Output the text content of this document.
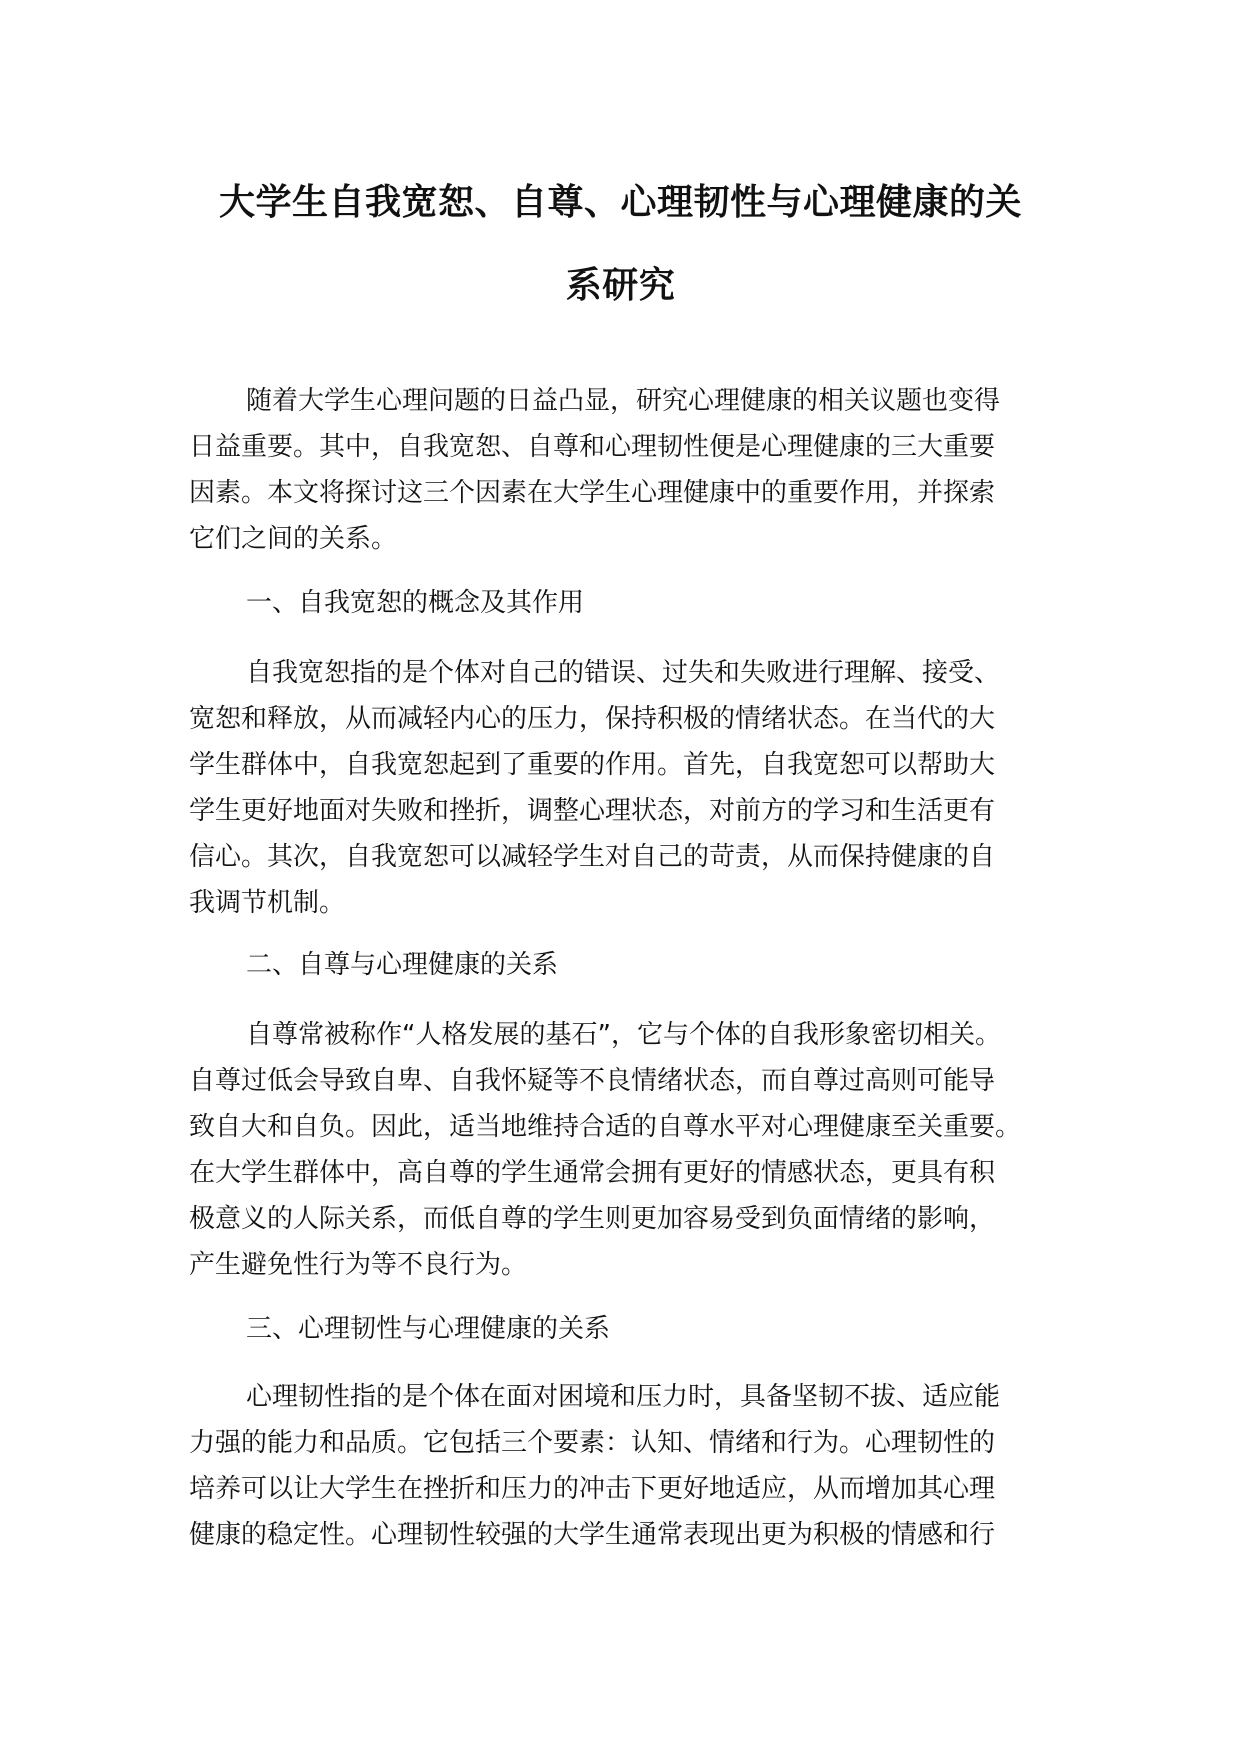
大学生自我宽恕、自尊、心理韧性与心理健康的关
系研究
随着大学生心理问题的日益凸显，研究心理健康的相关议题也变得
日益重要。其中，自我宽恕、自尊和心理韧性便是心理健康的三大重要
因素。本文将探讨这三个因素在大学生心理健康中的重要作用，并探索
它们之间的关系。
一、自我宽恕的概念及其作用
自我宽恕指的是个体对自己的错误、过失和失败进行理解、接受、
宽恕和释放，从而减轻内心的压力，保持积极的情绪状态。在当代的大
学生群体中，自我宽恕起到了重要的作用。首先，自我宽恕可以帮助大
学生更好地面对失败和挫折，调整心理状态，对前方的学习和生活更有
信心。其次，自我宽恕可以减轻学生对自己的苛责，从而保持健康的自
我调节机制。
二、自尊与心理健康的关系
自尊常被称作“人格发展的基石”，它与个体的自我形象密切相关。
自尊过低会导致自卑、自我怀疑等不良情绪状态，而自尊过高则可能导
致自大和自负。因此，适当地维持合适的自尊水平对心理健康至关重要。
在大学生群体中，高自尊的学生通常会拥有更好的情感状态，更具有积
极意义的人际关系，而低自尊的学生则更加容易受到负面情绪的影响，
产生避免性行为等不良行为。
三、心理韧性与心理健康的关系
心理韧性指的是个体在面对困境和压力时，具备坚韧不拔、适应能
力强的能力和品质。它包括三个要素：认知、情绪和行为。心理韧性的
培养可以让大学生在挫折和压力的冲击下更好地适应，从而增加其心理
健康的稳定性。心理韧性较强的大学生通常表现出更为积极的情感和行
